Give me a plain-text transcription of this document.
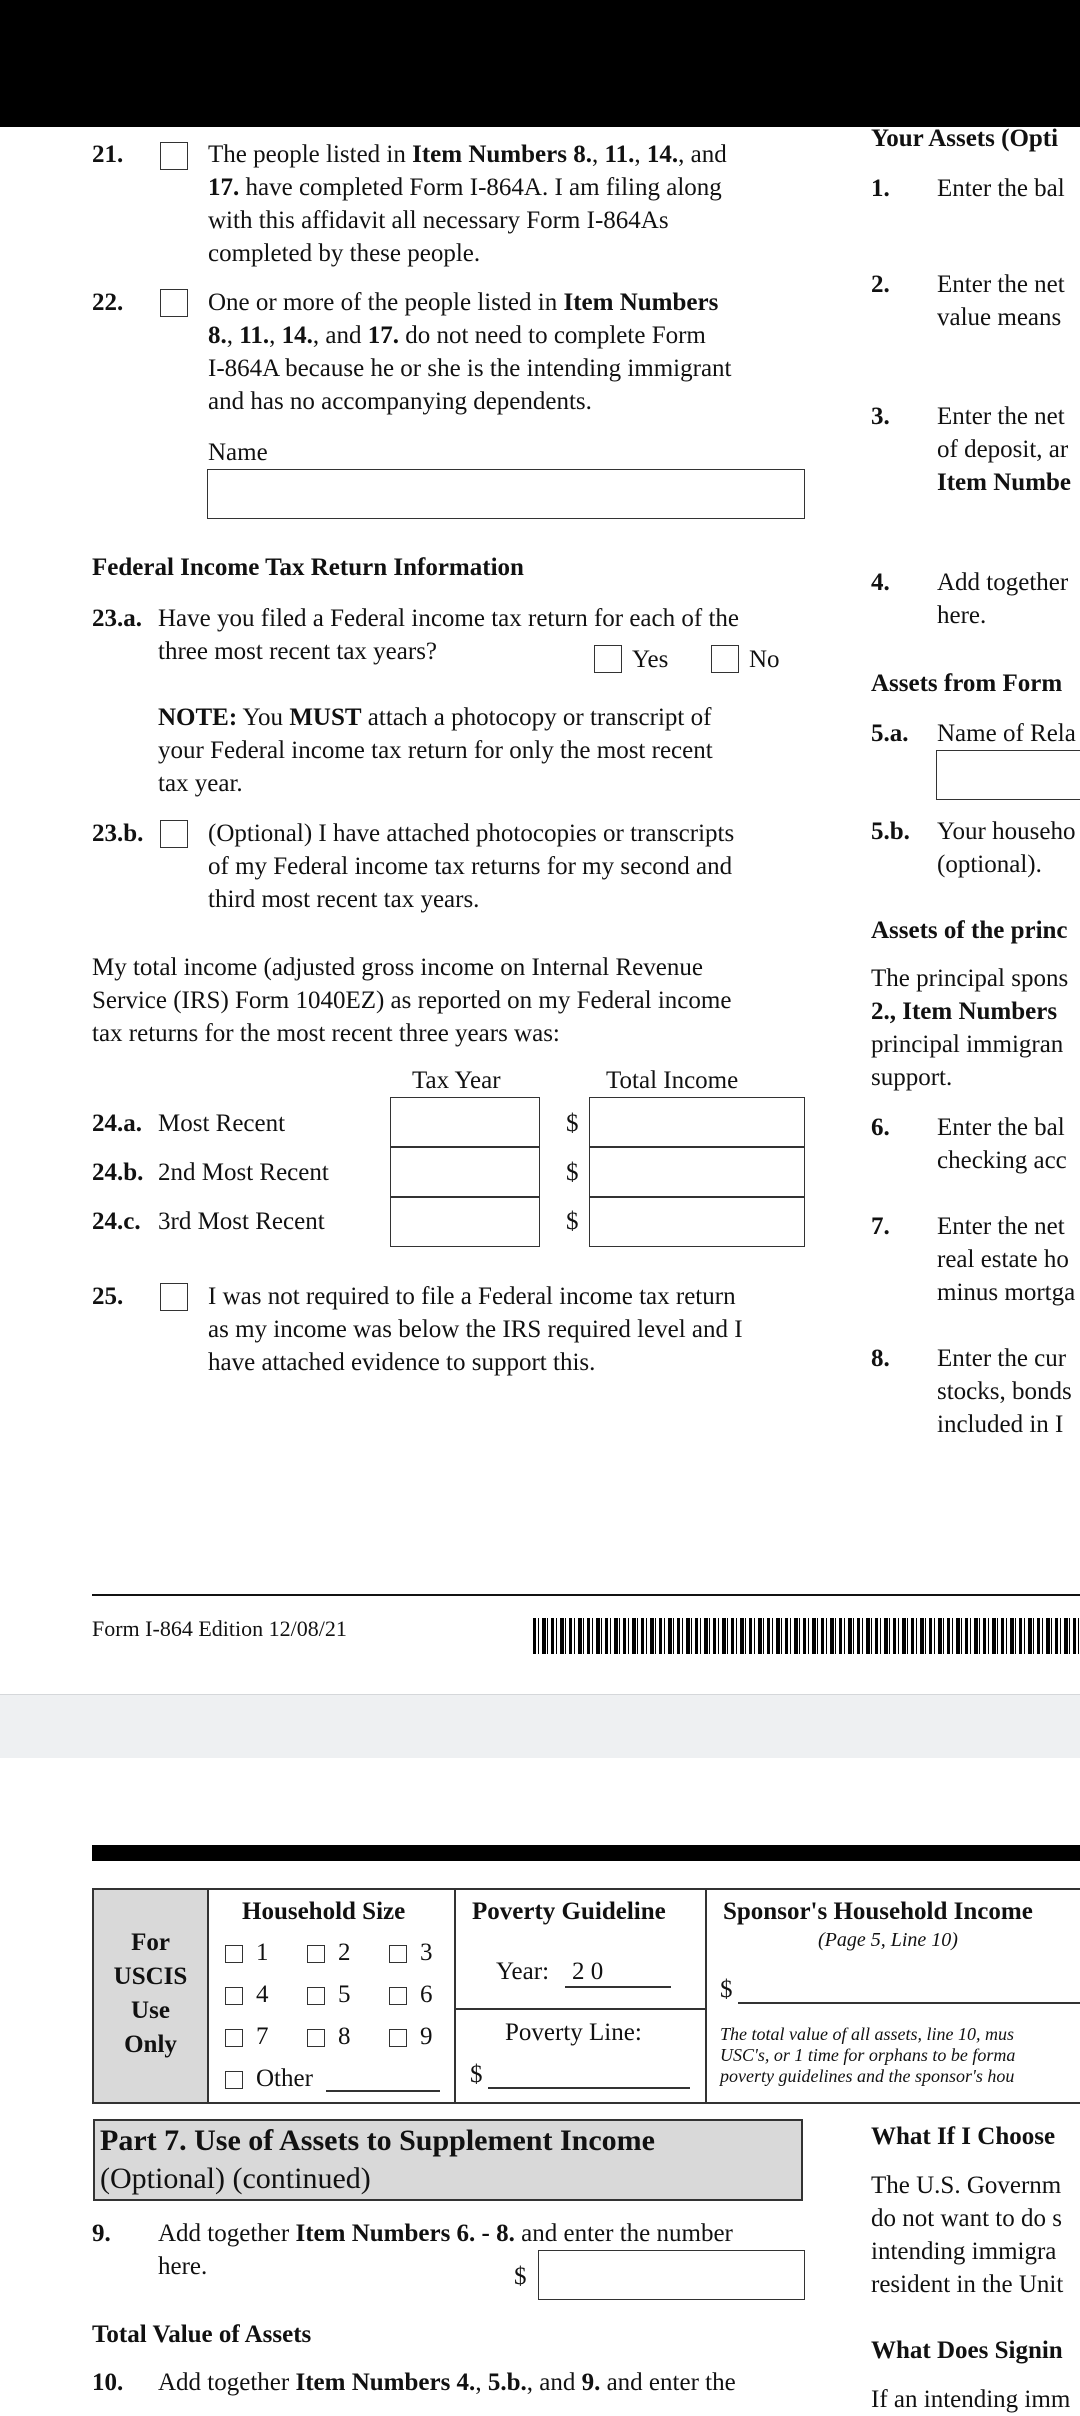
21.	The people listed in Item Numbers 8., 11., 14., and
17. have completed Form I-864A. I am filing along
with this affidavit all necessary Form I-864As
completed by these people.
22.	One or more of the people listed in Item Numbers
8., 11., 14., and 17. do not need to complete Form
I-864A because he or she is the intending immigrant
and has no accompanying dependents.
Name
Federal Income Tax Return Information
23.a. Have you filed a Federal income tax return for each of the
three most recent tax years?	Yes	No
NOTE: You MUST attach a photocopy or transcript of
your Federal income tax return for only the most recent
tax year.
23.b.	(Optional) I have attached photocopies or transcripts
of my Federal income tax returns for my second and
third most recent tax years.
My total income (adjusted gross income on Internal Revenue
Service (IRS) Form 1040EZ) as reported on my Federal income
tax returns for the most recent three years was:
Tax Year	Total Income
24.a. Most Recent	$
24.b. 2nd Most Recent	$
24.c. 3rd Most Recent	$
25.	I was not required to file a Federal income tax return
as my income was below the IRS required level and I
have attached evidence to support this.
Form I-864 Edition 12/08/21
Your Assets (Opti
1. Enter the bal
2. Enter the net
value means
3. Enter the net
of deposit, ar
Item Numbe
4. Add together
here.
Assets from Form
5.a. Name of Rela
5.b. Your househo
(optional).
Assets of the princ
The principal spons
2., Item Numbers
principal immigran
support.
6. Enter the bal
checking acc
7. Enter the net
real estate ho
minus mortga
8. Enter the cur
stocks, bonds
included in I
For
USCIS
Use
Only
Household Size
1	2	3
4	5	6
7	8	9
Other
Poverty Guideline
Year: 2 0
Poverty Line:
$
Sponsor's Household Income
(Page 5, Line 10)
$
The total value of all assets, line 10, mus
USC's, or 1 time for orphans to be forma
poverty guidelines and the sponsor's hou
Part 7. Use of Assets to Supplement Income
(Optional) (continued)
9. Add together Item Numbers 6. - 8. and enter the number
here.	$
Total Value of Assets
10. Add together Item Numbers 4., 5.b., and 9. and enter the
What If I Choose
The U.S. Governm
do not want to do s
intending immigra
resident in the Unit
What Does Signin
If an intending imm
